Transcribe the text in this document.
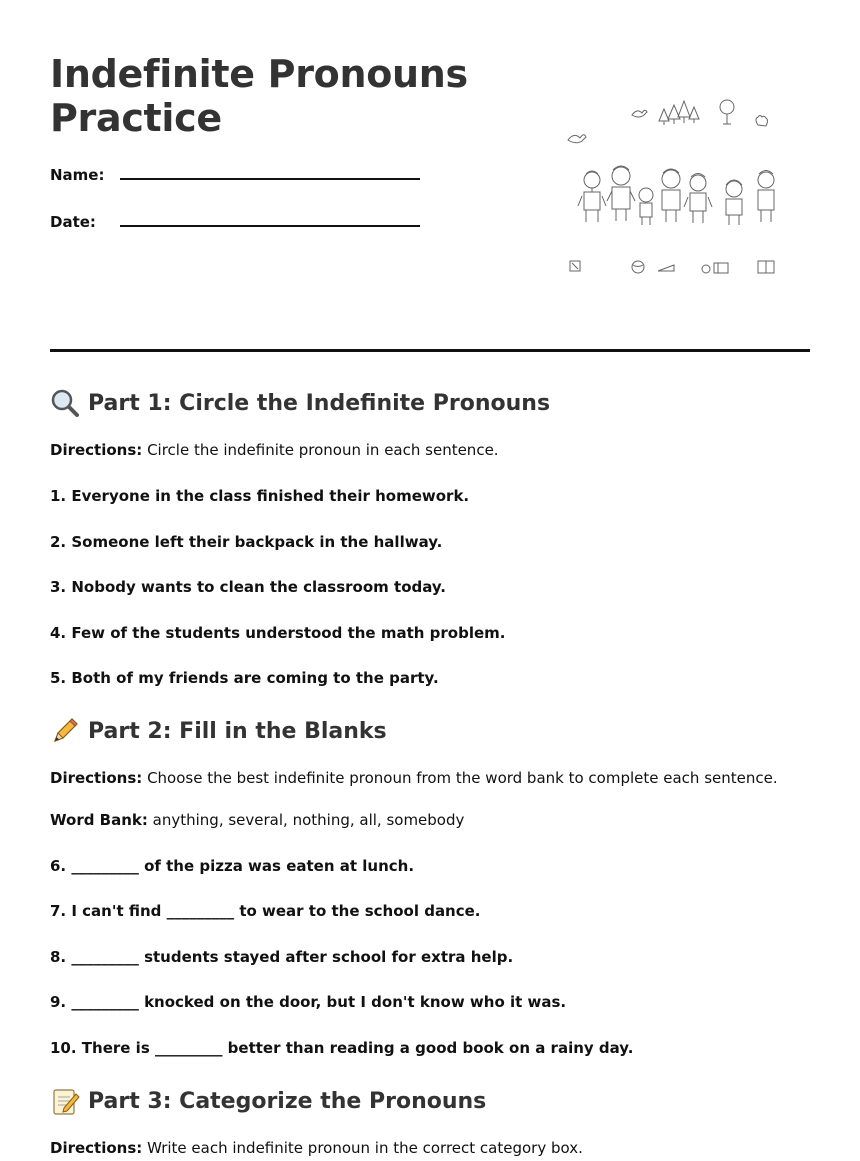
Indefinite Pronouns
Practice
Name:
Date:
Part 1: Circle the Indefinite Pronouns
Directions: Circle the indefinite pronoun in each sentence.
1. Everyone in the class finished their homework.
2. Someone left their backpack in the hallway.
3. Nobody wants to clean the classroom today.
4. Few of the students understood the math problem.
5. Both of my friends are coming to the party.
Part 2: Fill in the Blanks
Directions: Choose the best indefinite pronoun from the word bank to complete each sentence.
Word Bank: anything, several, nothing, all, somebody
6. _________ of the pizza was eaten at lunch.
7. I can't find _________ to wear to the school dance.
8. _________ students stayed after school for extra help.
9. _________ knocked on the door, but I don't know who it was.
10. There is _________ better than reading a good book on a rainy day.
Part 3: Categorize the Pronouns
Directions: Write each indefinite pronoun in the correct category box.
